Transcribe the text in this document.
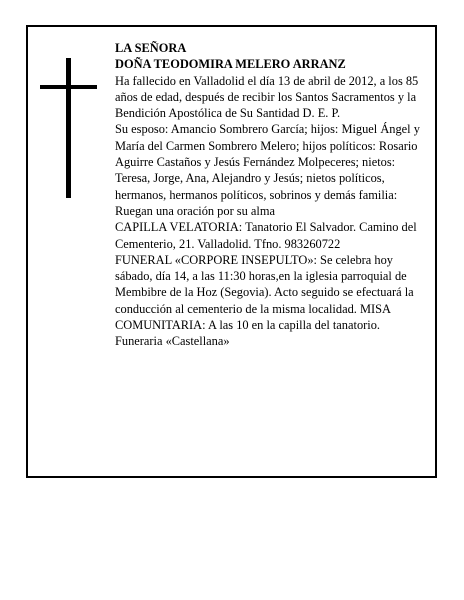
LA SEÑORA

DOÑA TEODOMIRA MELERO ARRANZ

Ha fallecido en Valladolid el día 13 de abril de 2012, a los 85 años de edad, después de recibir los Santos Sacramentos y la Bendición Apostólica de Su Santidad D. E. P.

Su esposo: Amancio Sombrero García; hijos: Miguel Ángel y María del Carmen Sombrero Melero; hijos políticos: Rosario Aguirre Castaños y Jesús Fernández Molpeceres; nietos: Teresa, Jorge, Ana, Alejandro y Jesús; nietos políticos, hermanos, hermanos políticos, sobrinos y demás familia:

Ruegan una oración por su alma

CAPILLA VELATORIA: Tanatorio El Salvador. Camino del Cementerio, 21. Valladolid. Tfno. 983260722

FUNERAL «CORPORE INSEPULTO»: Se celebra hoy sábado, día 14, a las 11:30 horas,en la iglesia parroquial de Membibre de la Hoz (Segovia). Acto seguido se efectuará la conducción al cementerio de la misma localidad. MISA COMUNITARIA: A las 10 en la capilla del tanatorio.

Funeraria «Castellana»
